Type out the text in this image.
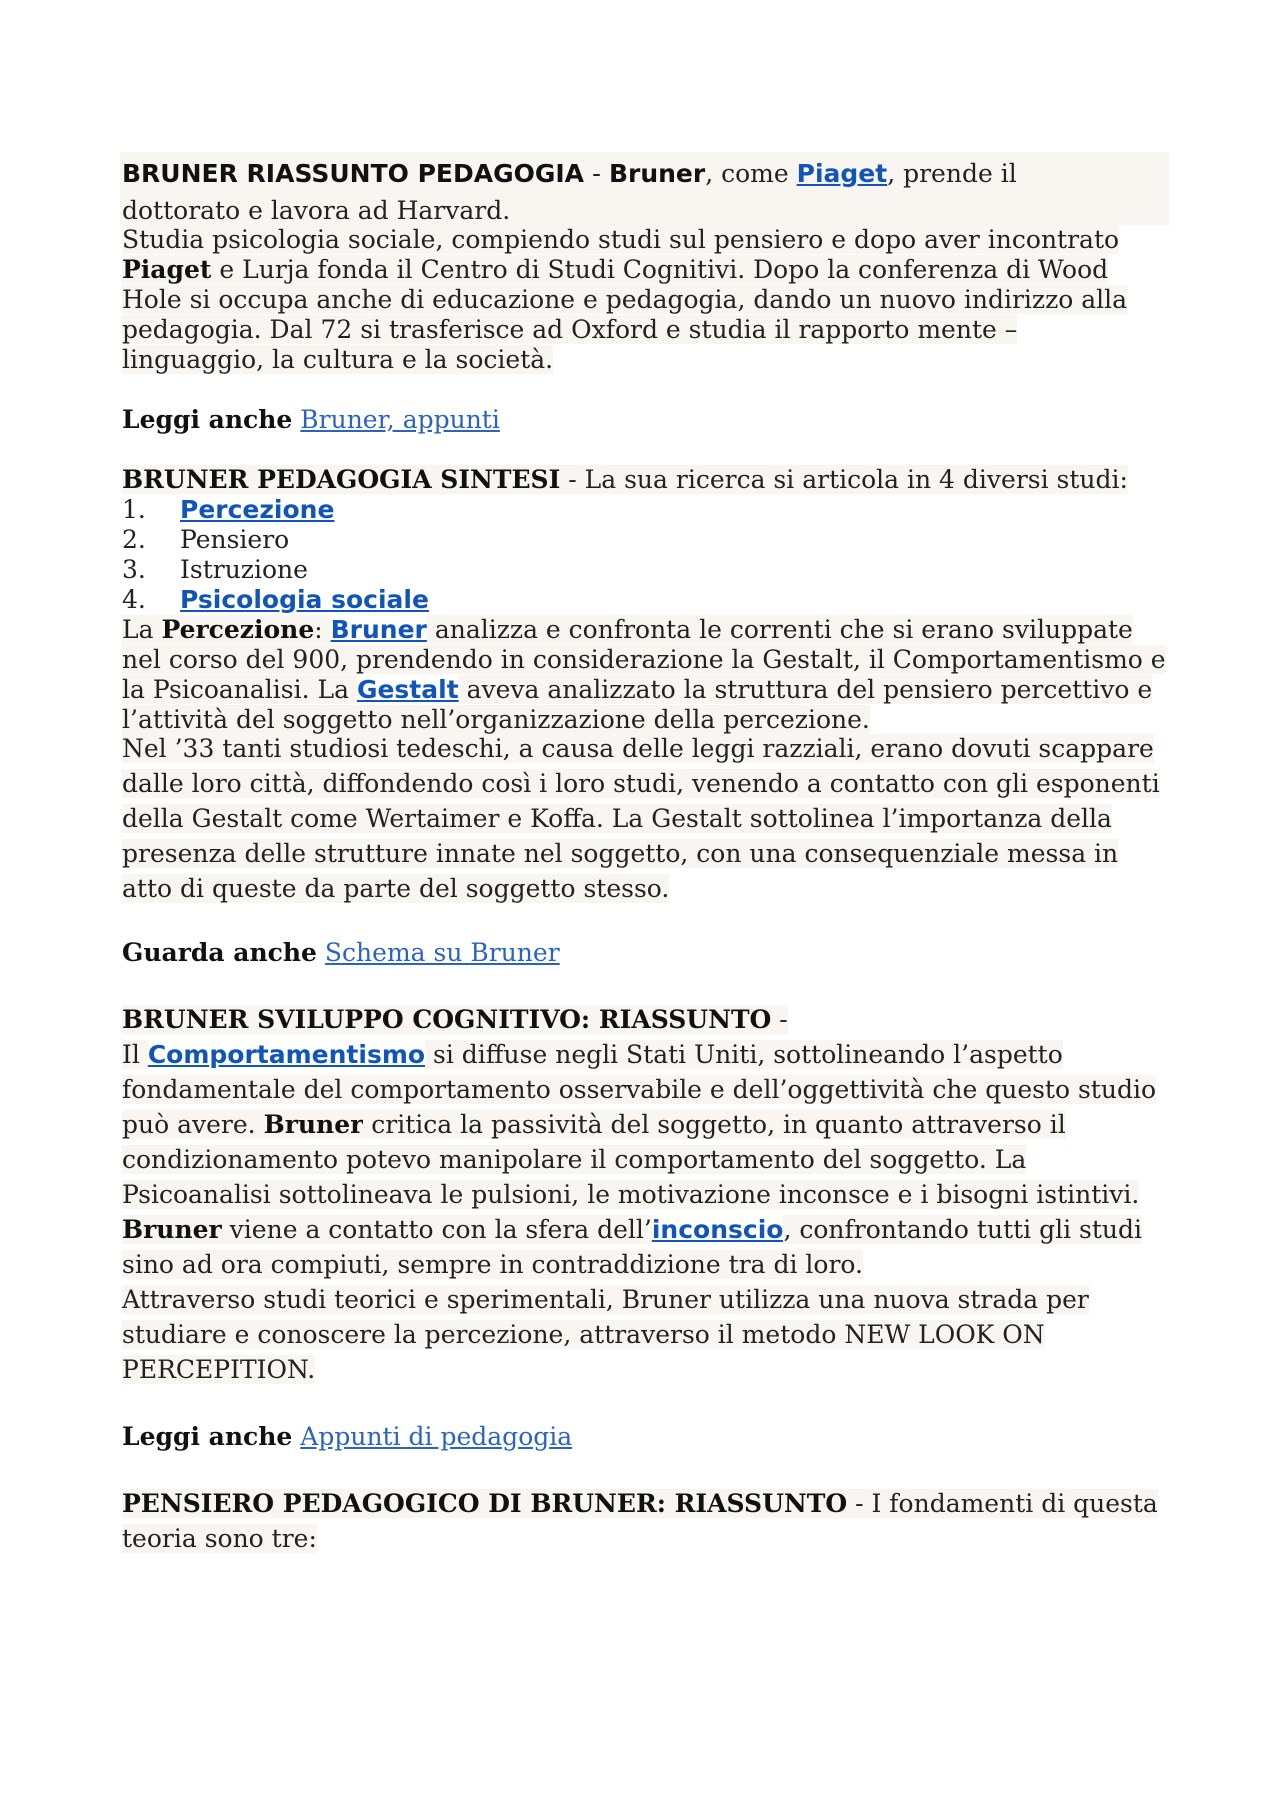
BRUNER RIASSUNTO PEDAGOGIA - Bruner, come Piaget, prende il

dottorato e lavora ad Harvard.

Studia psicologia sociale, compiendo studi sul pensiero e dopo aver incontrato Piaget e Lurja fonda il Centro di Studi Cognitivi. Dopo la conferenza di Wood Hole si occupa anche di educazione e pedagogia, dando un nuovo indirizzo alla pedagogia. Dal 72 si trasferisce ad Oxford e studia il rapporto mente – linguaggio, la cultura e la società.

Leggi anche Bruner, appunti

BRUNER PEDAGOGIA SINTESI - La sua ricerca si articola in 4 diversi studi:

1. Percezione
2. Pensiero
3. Istruzione
4. Psicologia sociale

La Percezione: Bruner analizza e confronta le correnti che si erano sviluppate nel corso del 900, prendendo in considerazione la Gestalt, il Comportamentismo e la Psicoanalisi. La Gestalt aveva analizzato la struttura del pensiero percettivo e l’attività del soggetto nell’organizzazione della percezione.

Nel ’33 tanti studiosi tedeschi, a causa delle leggi razziali, erano dovuti scappare dalle loro città, diffondendo così i loro studi, venendo a contatto con gli esponenti della Gestalt come Wertaimer e Koffa. La Gestalt sottolinea l’importanza della presenza delle strutture innate nel soggetto, con una consequenziale messa in atto di queste da parte del soggetto stesso.

Guarda anche Schema su Bruner

BRUNER SVILUPPO COGNITIVO: RIASSUNTO -

Il Comportamentismo si diffuse negli Stati Uniti, sottolineando l’aspetto fondamentale del comportamento osservabile e dell’oggettività che questo studio può avere. Bruner critica la passività del soggetto, in quanto attraverso il condizionamento potevo manipolare il comportamento del soggetto. La Psicoanalisi sottolineava le pulsioni, le motivazione inconsce e i bisogni istintivi.

Bruner viene a contatto con la sfera dell’inconscio, confrontando tutti gli studi sino ad ora compiuti, sempre in contraddizione tra di loro.

Attraverso studi teorici e sperimentali, Bruner utilizza una nuova strada per studiare e conoscere la percezione, attraverso il metodo NEW LOOK ON PERCEPITION.

Leggi anche Appunti di pedagogia

PENSIERO PEDAGOGICO DI BRUNER: RIASSUNTO - I fondamenti di questa teoria sono tre:
